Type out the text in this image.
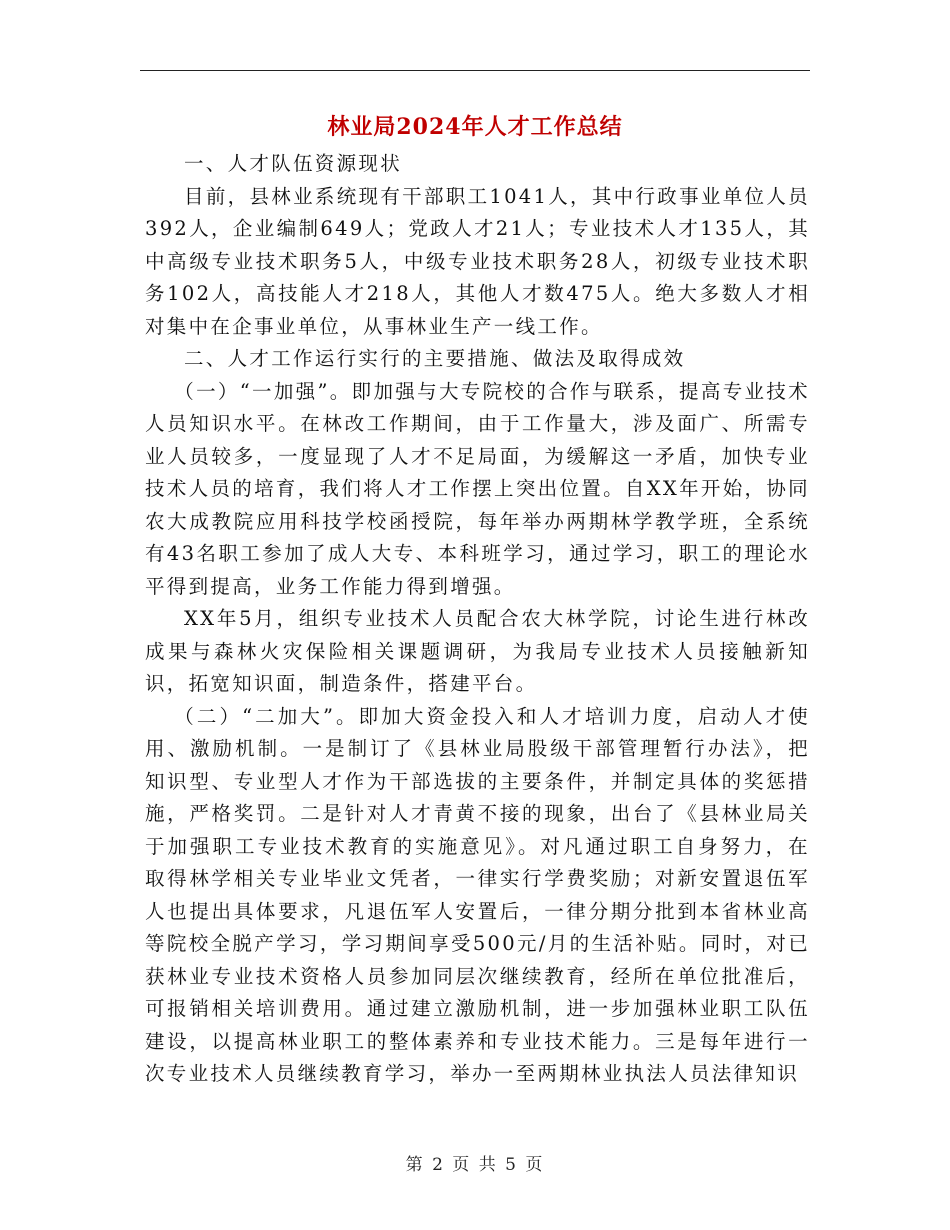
林业局2024年人才工作总结

一、人才队伍资源现状

目前，县林业系统现有干部职工1041人，其中行政事业单位人员392人，企业编制649人；党政人才21人；专业技术人才135人，其中高级专业技术职务5人，中级专业技术职务28人，初级专业技术职务102人，高技能人才218人，其他人才数475人。绝大多数人才相对集中在企事业单位，从事林业生产一线工作。

二、人才工作运行实行的主要措施、做法及取得成效

（一）“一加强”。即加强与大专院校的合作与联系，提高专业技术人员知识水平。在林改工作期间，由于工作量大，涉及面广、所需专业人员较多，一度显现了人才不足局面，为缓解这一矛盾，加快专业技术人员的培育，我们将人才工作摆上突出位置。自XX年开始，协同农大成教院应用科技学校函授院，每年举办两期林学教学班，全系统有43名职工参加了成人大专、本科班学习，通过学习，职工的理论水平得到提高，业务工作能力得到增强。

XX年5月，组织专业技术人员配合农大林学院，讨论生进行林改成果与森林火灾保险相关课题调研，为我局专业技术人员接触新知识，拓宽知识面，制造条件，搭建平台。

（二）“二加大”。即加大资金投入和人才培训力度，启动人才使用、激励机制。一是制订了《县林业局股级干部管理暂行办法》，把知识型、专业型人才作为干部选拔的主要条件，并制定具体的奖惩措施，严格奖罚。二是针对人才青黄不接的现象，出台了《县林业局关于加强职工专业技术教育的实施意见》。对凡通过职工自身努力，在取得林学相关专业毕业文凭者，一律实行学费奖励；对新安置退伍军人也提出具体要求，凡退伍军人安置后，一律分期分批到本省林业高等院校全脱产学习，学习期间享受500元/月的生活补贴。同时，对已获林业专业技术资格人员参加同层次继续教育，经所在单位批准后，可报销相关培训费用。通过建立激励机制，进一步加强林业职工队伍建设，以提高林业职工的整体素养和专业技术能力。三是每年进行一次专业技术人员继续教育学习，举办一至两期林业执法人员法律知识

第 2 页 共 5 页
